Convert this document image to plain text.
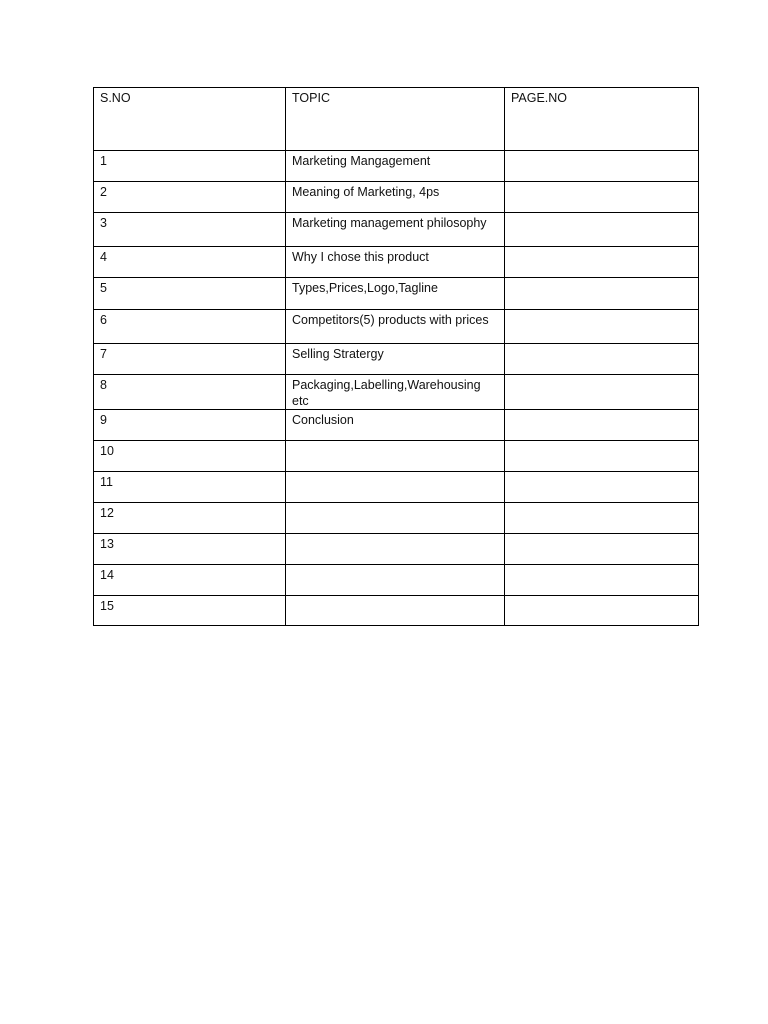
S.NO	TOPIC	PAGE.NO
1	Marketing Mangagement	
2	Meaning of Marketing, 4ps	
3	Marketing management philosophy	
4	Why I chose this product	
5	Types,Prices,Logo,Tagline	
6	Competitors(5) products with prices	
7	Selling Stratergy	
8	Packaging,Labelling,Warehousing etc	
9	Conclusion	
10		
11		
12		
13		
14		
15		
